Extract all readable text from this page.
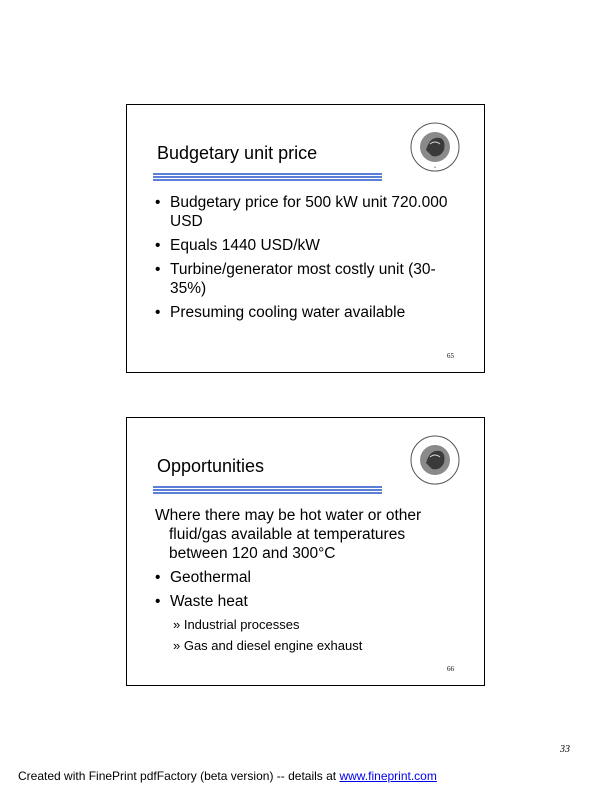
Budgetary unit price
•
• Budgetary price for 500 kW unit 720.000 USD
• Equals 1440 USD/kW
• Turbine/generator most costly unit (30-35%)
• Presuming cooling water available
65
Opportunities
Where there may be hot water or other fluid/gas available at temperatures between 120 and 300°C
• Geothermal
• Waste heat
» Industrial processes
» Gas and diesel engine exhaust
66
33
Created with FinePrint pdfFactory (beta version) -- details at www.fineprint.com
